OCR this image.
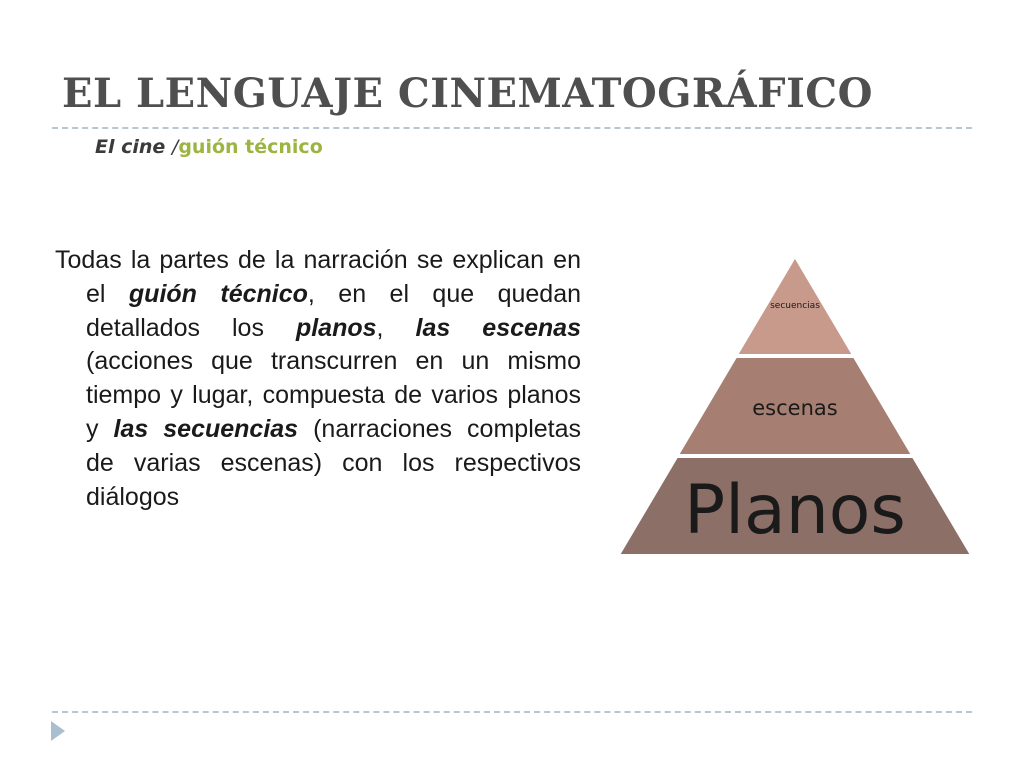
EL LENGUAJE CINEMATOGRÁFICO
El cine /guión técnico

Todas la partes de la narración se explican en el guión técnico, en el que quedan detallados los planos, las escenas (acciones que transcurren en un mismo tiempo y lugar, compuesta de varios planos y las secuencias (narraciones completas de varias escenas) con los respectivos diálogos

secuencias
escenas
Planos
